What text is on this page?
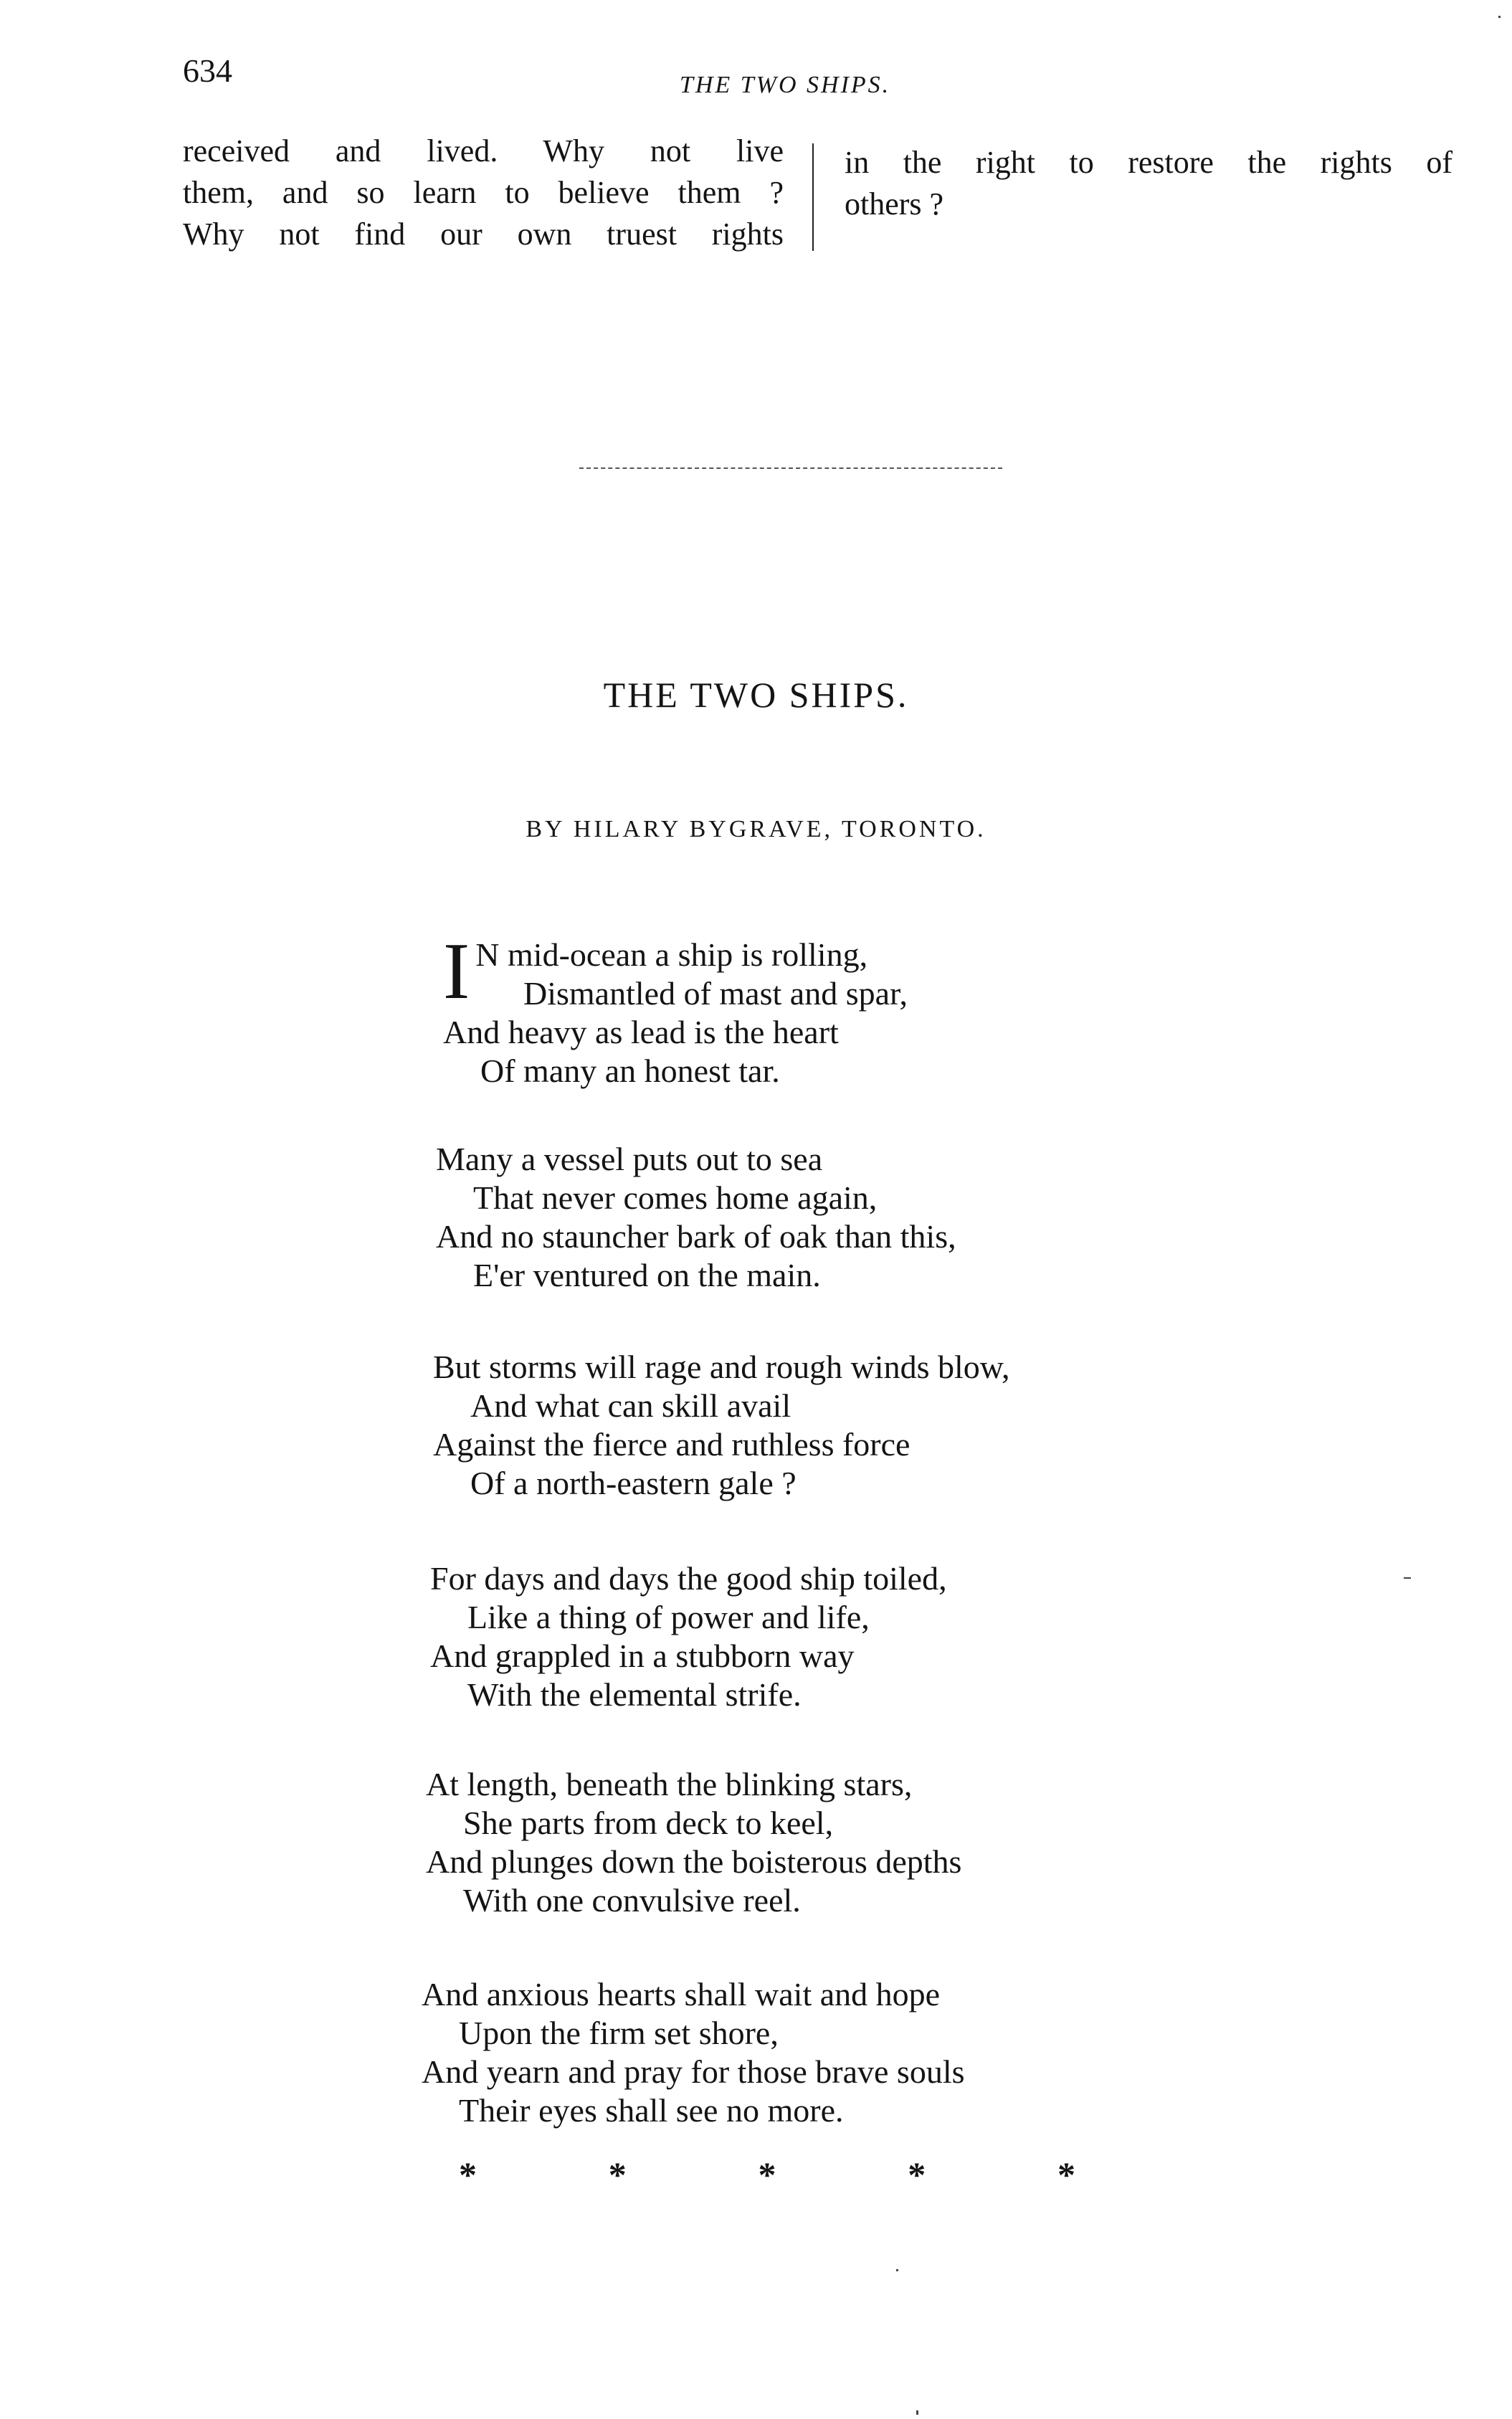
634	THE TWO SHIPS.
received and lived. Why not live
them, and so learn to believe them ?
Why not find our own truest rights
in the right to restore the rights of
others ?
THE TWO SHIPS.
BY HILARY BYGRAVE, TORONTO.
I N mid-ocean a ship is rolling,
Dismantled of mast and spar,
And heavy as lead is the heart
Of many an honest tar.
Many a vessel puts out to sea
That never comes home again,
And no stauncher bark of oak than this,
E'er ventured on the main.
But storms will rage and rough winds blow,
And what can skill avail
Against the fierce and ruthless force
Of a north-eastern gale ?
For days and days the good ship toiled,
Like a thing of power and life,
And grappled in a stubborn way
With the elemental strife.
At length, beneath the blinking stars,
She parts from deck to keel,
And plunges down the boisterous depths
With one convulsive reel.
And anxious hearts shall wait and hope
Upon the firm set shore,
And yearn and pray for those brave souls
Their eyes shall see no more.
*	*	*	*	*
